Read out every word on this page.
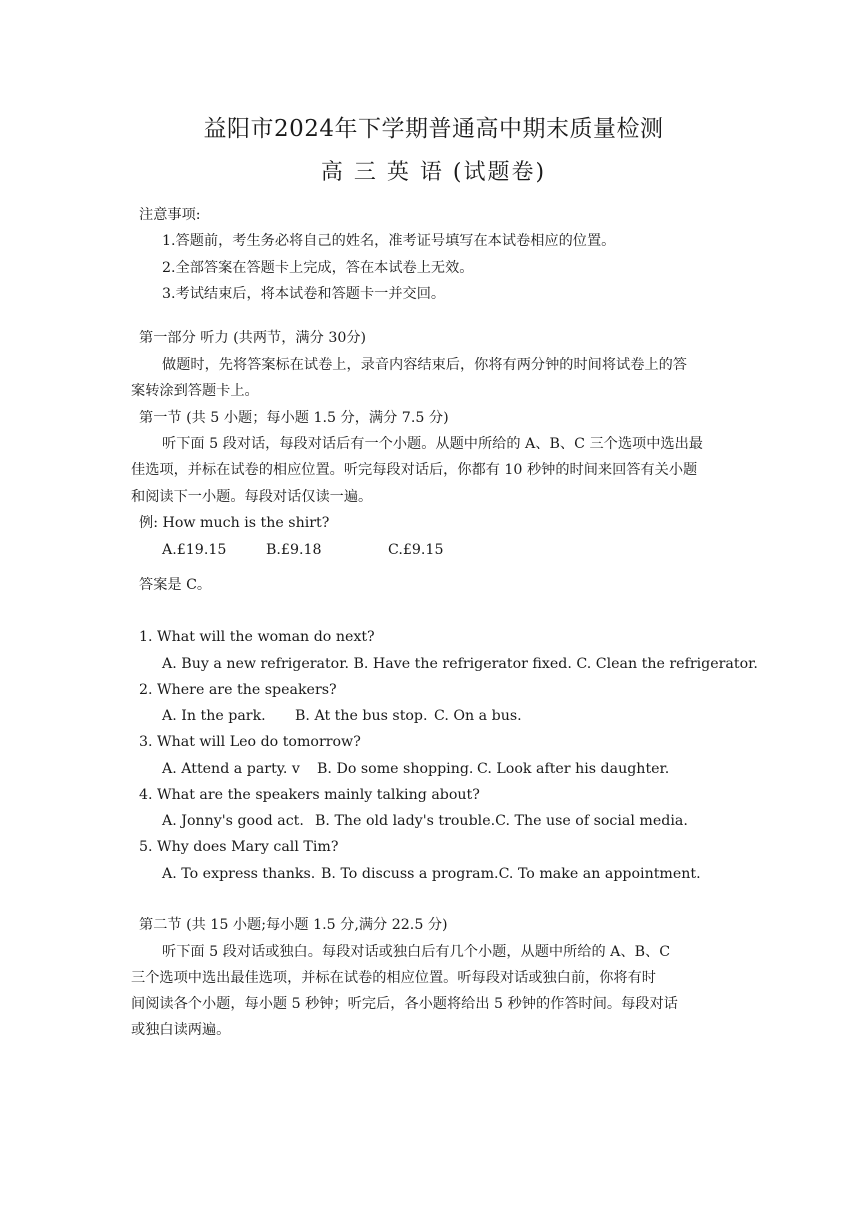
益阳市2024年下学期普通高中期末质量检测
高 三 英 语 (试题卷)
注意事项:
1.答题前，考生务必将自己的姓名，准考证号填写在本试卷相应的位置。
2.全部答案在答题卡上完成，答在本试卷上无效。
3.考试结束后，将本试卷和答题卡一并交回。
第一部分 听力 (共两节，满分 30分)
做题时，先将答案标在试卷上，录音内容结束后，你将有两分钟的时间将试卷上的答
案转涂到答题卡上。
第一节 (共 5 小题；每小题 1.5 分，满分 7.5 分)
听下面 5 段对话，每段对话后有一个小题。从题中所给的 A、B、C 三个选项中选出最
佳选项，并标在试卷的相应位置。听完每段对话后，你都有 10 秒钟的时间来回答有关小题
和阅读下一小题。每段对话仅读一遍。
例: How much is the shirt?
A.£19.15	B.£9.18	C.£9.15
答案是 C。
1. What will the woman do next?
A. Buy a new refrigerator. B. Have the refrigerator fixed. C. Clean the refrigerator.
2. Where are the speakers?
A. In the park. B. At the bus stop. C. On a bus.
3. What will Leo do tomorrow?
A. Attend a party. v B. Do some shopping. C. Look after his daughter.
4. What are the speakers mainly talking about?
A. Jonny's good act. B. The old lady's trouble.C. The use of social media.
5. Why does Mary call Tim?
A. To express thanks. B. To discuss a program.C. To make an appointment.
第二节 (共 15 小题;每小题 1.5 分,满分 22.5 分)
听下面 5 段对话或独白。每段对话或独白后有几个小题，从题中所给的 A、B、C
三个选项中选出最佳选项，并标在试卷的相应位置。听每段对话或独白前，你将有时
间阅读各个小题，每小题 5 秒钟；听完后，各小题将给出 5 秒钟的作答时间。每段对话
或独白读两遍。
